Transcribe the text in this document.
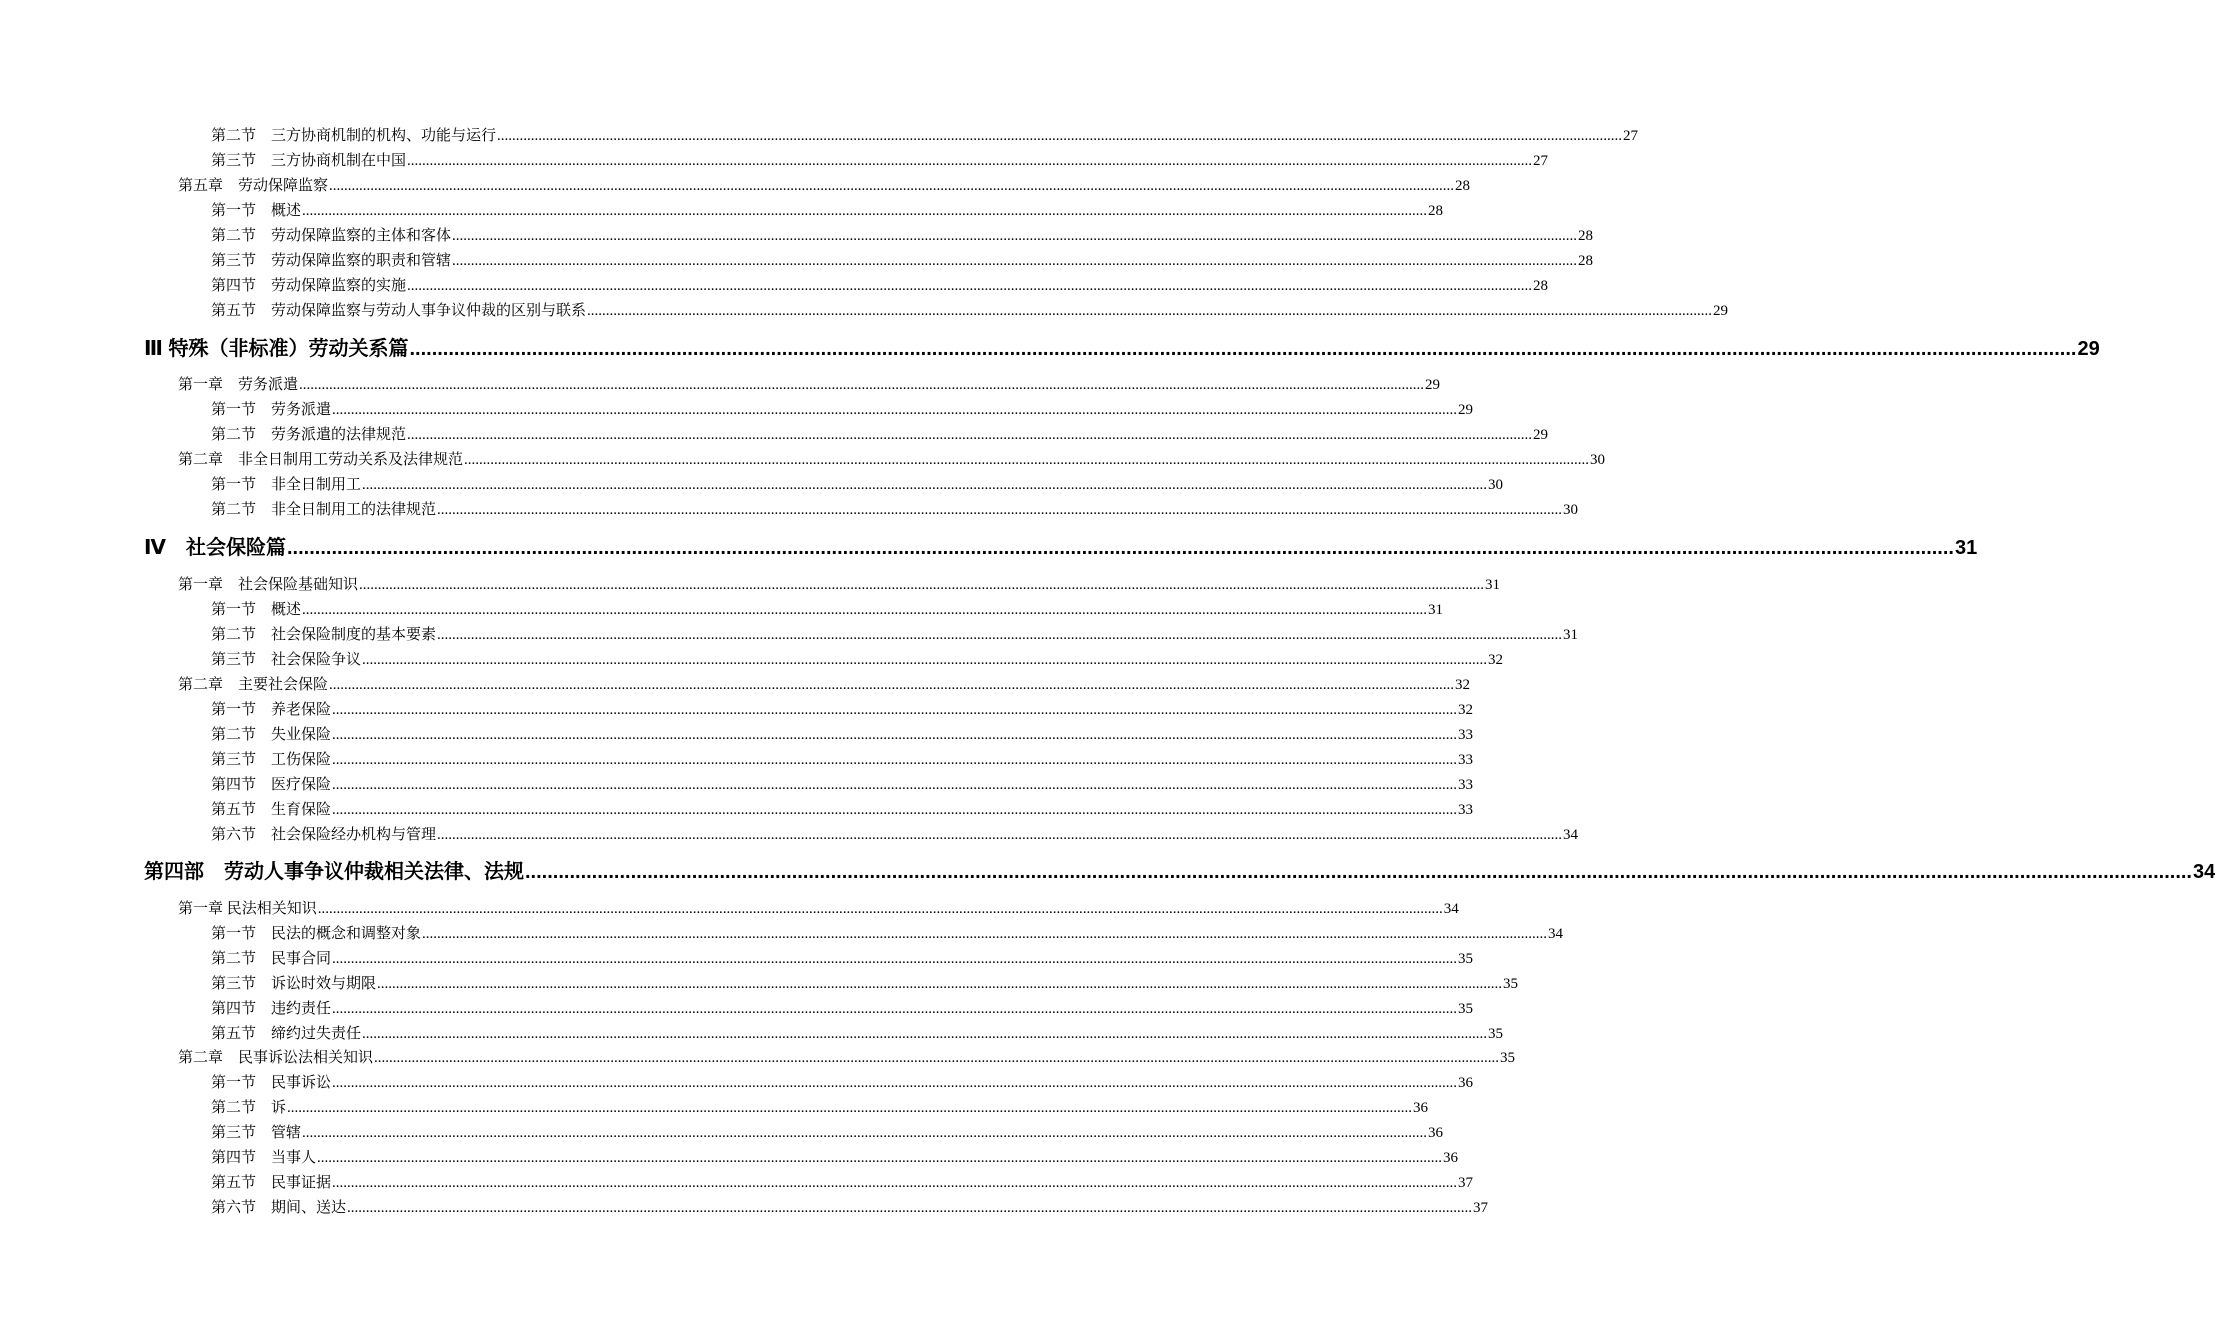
第二节　三方协商机制的机构、功能与运行 ............................................................................................................................................................................................................................................................................................................ 27
第三节　三方协商机制在中国 ............................................................................................................................................................................................................................................................................................................ 27
第五章　劳动保障监察 ............................................................................................................................................................................................................................................................................................................ 28
第一节　概述 ............................................................................................................................................................................................................................................................................................................ 28
第二节　劳动保障监察的主体和客体 ............................................................................................................................................................................................................................................................................................................ 28
第三节　劳动保障监察的职责和管辖 ............................................................................................................................................................................................................................................................................................................ 28
第四节　劳动保障监察的实施 ............................................................................................................................................................................................................................................................................................................ 28
第五节　劳动保障监察与劳动人事争议仲裁的区别与联系 ............................................................................................................................................................................................................................................................................................................ 29
Ⅲ 特殊（非标准）劳动关系篇 ............................................................................................................................................................................................................................................................................................................ 29
第一章　劳务派遣 ............................................................................................................................................................................................................................................................................................................ 29
第一节　劳务派遣 ............................................................................................................................................................................................................................................................................................................ 29
第二节　劳务派遣的法律规范 ............................................................................................................................................................................................................................................................................................................ 29
第二章　非全日制用工劳动关系及法律规范 ............................................................................................................................................................................................................................................................................................................ 30
第一节　非全日制用工 ............................................................................................................................................................................................................................................................................................................ 30
第二节　非全日制用工的法律规范 ............................................................................................................................................................................................................................................................................................................ 30
Ⅳ　社会保险篇 ............................................................................................................................................................................................................................................................................................................ 31
第一章　社会保险基础知识 ............................................................................................................................................................................................................................................................................................................ 31
第一节　概述 ............................................................................................................................................................................................................................................................................................................ 31
第二节　社会保险制度的基本要素 ............................................................................................................................................................................................................................................................................................................ 31
第三节　社会保险争议 ............................................................................................................................................................................................................................................................................................................ 32
第二章　主要社会保险 ............................................................................................................................................................................................................................................................................................................ 32
第一节　养老保险 ............................................................................................................................................................................................................................................................................................................ 32
第二节　失业保险 ............................................................................................................................................................................................................................................................................................................ 33
第三节　工伤保险 ............................................................................................................................................................................................................................................................................................................ 33
第四节　医疗保险 ............................................................................................................................................................................................................................................................................................................ 33
第五节　生育保险 ............................................................................................................................................................................................................................................................................................................ 33
第六节　社会保险经办机构与管理 ............................................................................................................................................................................................................................................................................................................ 34
第四部　劳动人事争议仲裁相关法律、法规 ............................................................................................................................................................................................................................................................................................................ 34
第一章 民法相关知识 ............................................................................................................................................................................................................................................................................................................ 34
第一节　民法的概念和调整对象 ............................................................................................................................................................................................................................................................................................................ 34
第二节　民事合同 ............................................................................................................................................................................................................................................................................................................ 35
第三节　诉讼时效与期限 ............................................................................................................................................................................................................................................................................................................ 35
第四节　违约责任 ............................................................................................................................................................................................................................................................................................................ 35
第五节　缔约过失责任 ............................................................................................................................................................................................................................................................................................................ 35
第二章　民事诉讼法相关知识 ............................................................................................................................................................................................................................................................................................................ 35
第一节　民事诉讼 ............................................................................................................................................................................................................................................................................................................ 36
第二节　诉 ............................................................................................................................................................................................................................................................................................................ 36
第三节　管辖 ............................................................................................................................................................................................................................................................................................................ 36
第四节　当事人 ............................................................................................................................................................................................................................................................................................................ 36
第五节　民事证据 ............................................................................................................................................................................................................................................................................................................ 37
第六节　期间、送达 ............................................................................................................................................................................................................................................................................................................ 37
